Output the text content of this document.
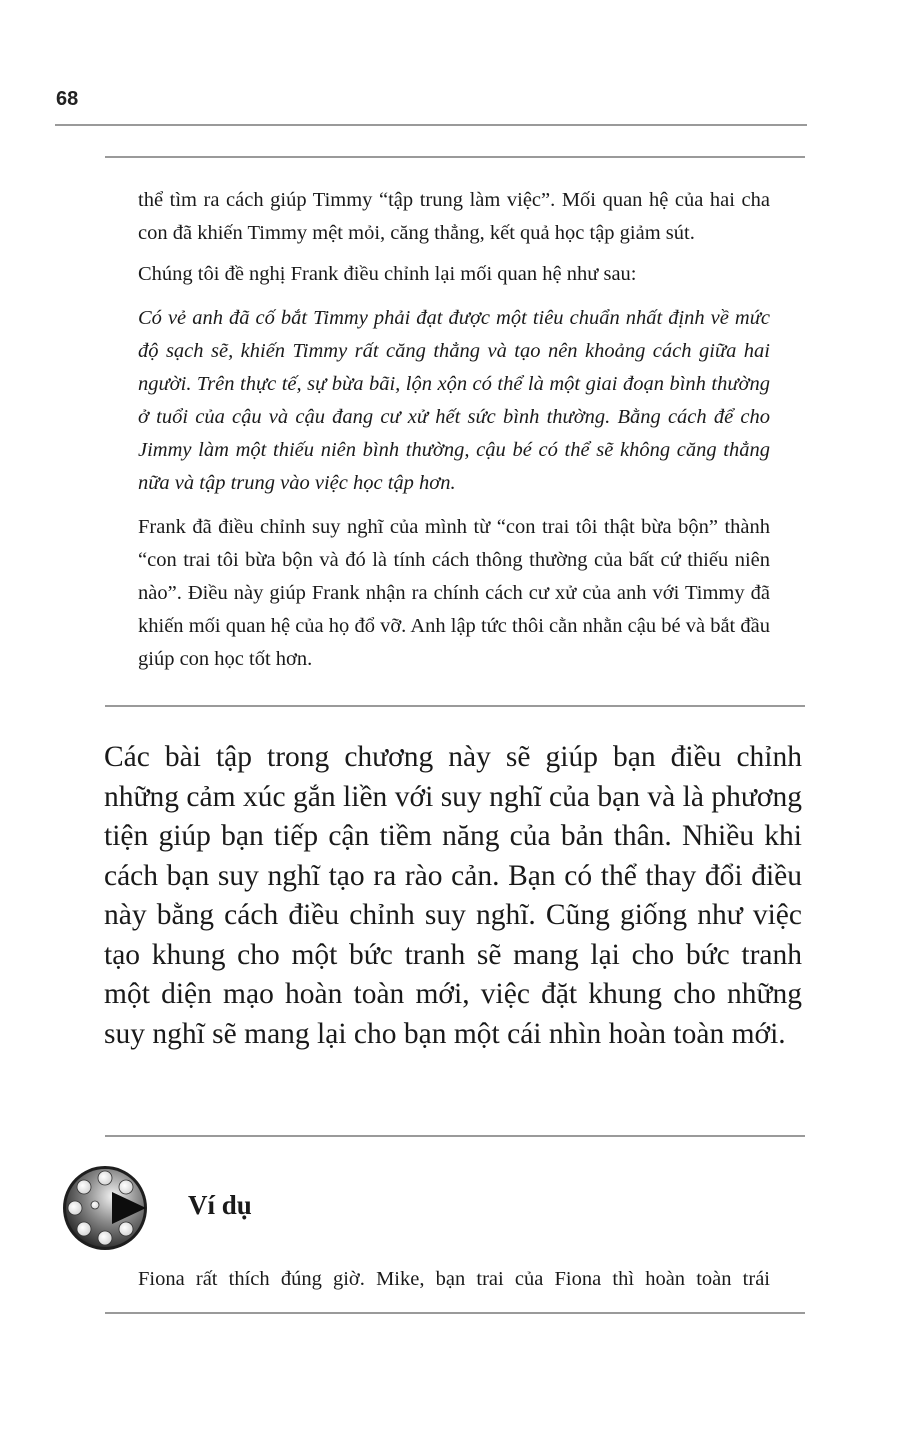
68

thể tìm ra cách giúp Timmy “tập trung làm việc”. Mối quan hệ của hai cha con đã khiến Timmy mệt mỏi, căng thẳng, kết quả học tập giảm sút.

Chúng tôi đề nghị Frank điều chỉnh lại mối quan hệ như sau:

Có vẻ anh đã cố bắt Timmy phải đạt được một tiêu chuẩn nhất định về mức độ sạch sẽ, khiến Timmy rất căng thẳng và tạo nên khoảng cách giữa hai người. Trên thực tế, sự bừa bãi, lộn xộn có thể là một giai đoạn bình thường ở tuổi của cậu và cậu đang cư xử hết sức bình thường. Bằng cách để cho Jimmy làm một thiếu niên bình thường, cậu bé có thể sẽ không căng thẳng nữa và tập trung vào việc học tập hơn.

Frank đã điều chỉnh suy nghĩ của mình từ “con trai tôi thật bừa bộn” thành “con trai tôi bừa bộn và đó là tính cách thông thường của bất cứ thiếu niên nào”. Điều này giúp Frank nhận ra chính cách cư xử của anh với Timmy đã khiến mối quan hệ của họ đổ vỡ. Anh lập tức thôi cằn nhằn cậu bé và bắt đầu giúp con học tốt hơn.

Các bài tập trong chương này sẽ giúp bạn điều chỉnh những cảm xúc gắn liền với suy nghĩ của bạn và là phương tiện giúp bạn tiếp cận tiềm năng của bản thân. Nhiều khi cách bạn suy nghĩ tạo ra rào cản. Bạn có thể thay đổi điều này bằng cách điều chỉnh suy nghĩ. Cũng giống như việc tạo khung cho một bức tranh sẽ mang lại cho bức tranh một diện mạo hoàn toàn mới, việc đặt khung cho những suy nghĩ sẽ mang lại cho bạn một cái nhìn hoàn toàn mới.

Ví dụ

Fiona rất thích đúng giờ. Mike, bạn trai của Fiona thì hoàn toàn trái
